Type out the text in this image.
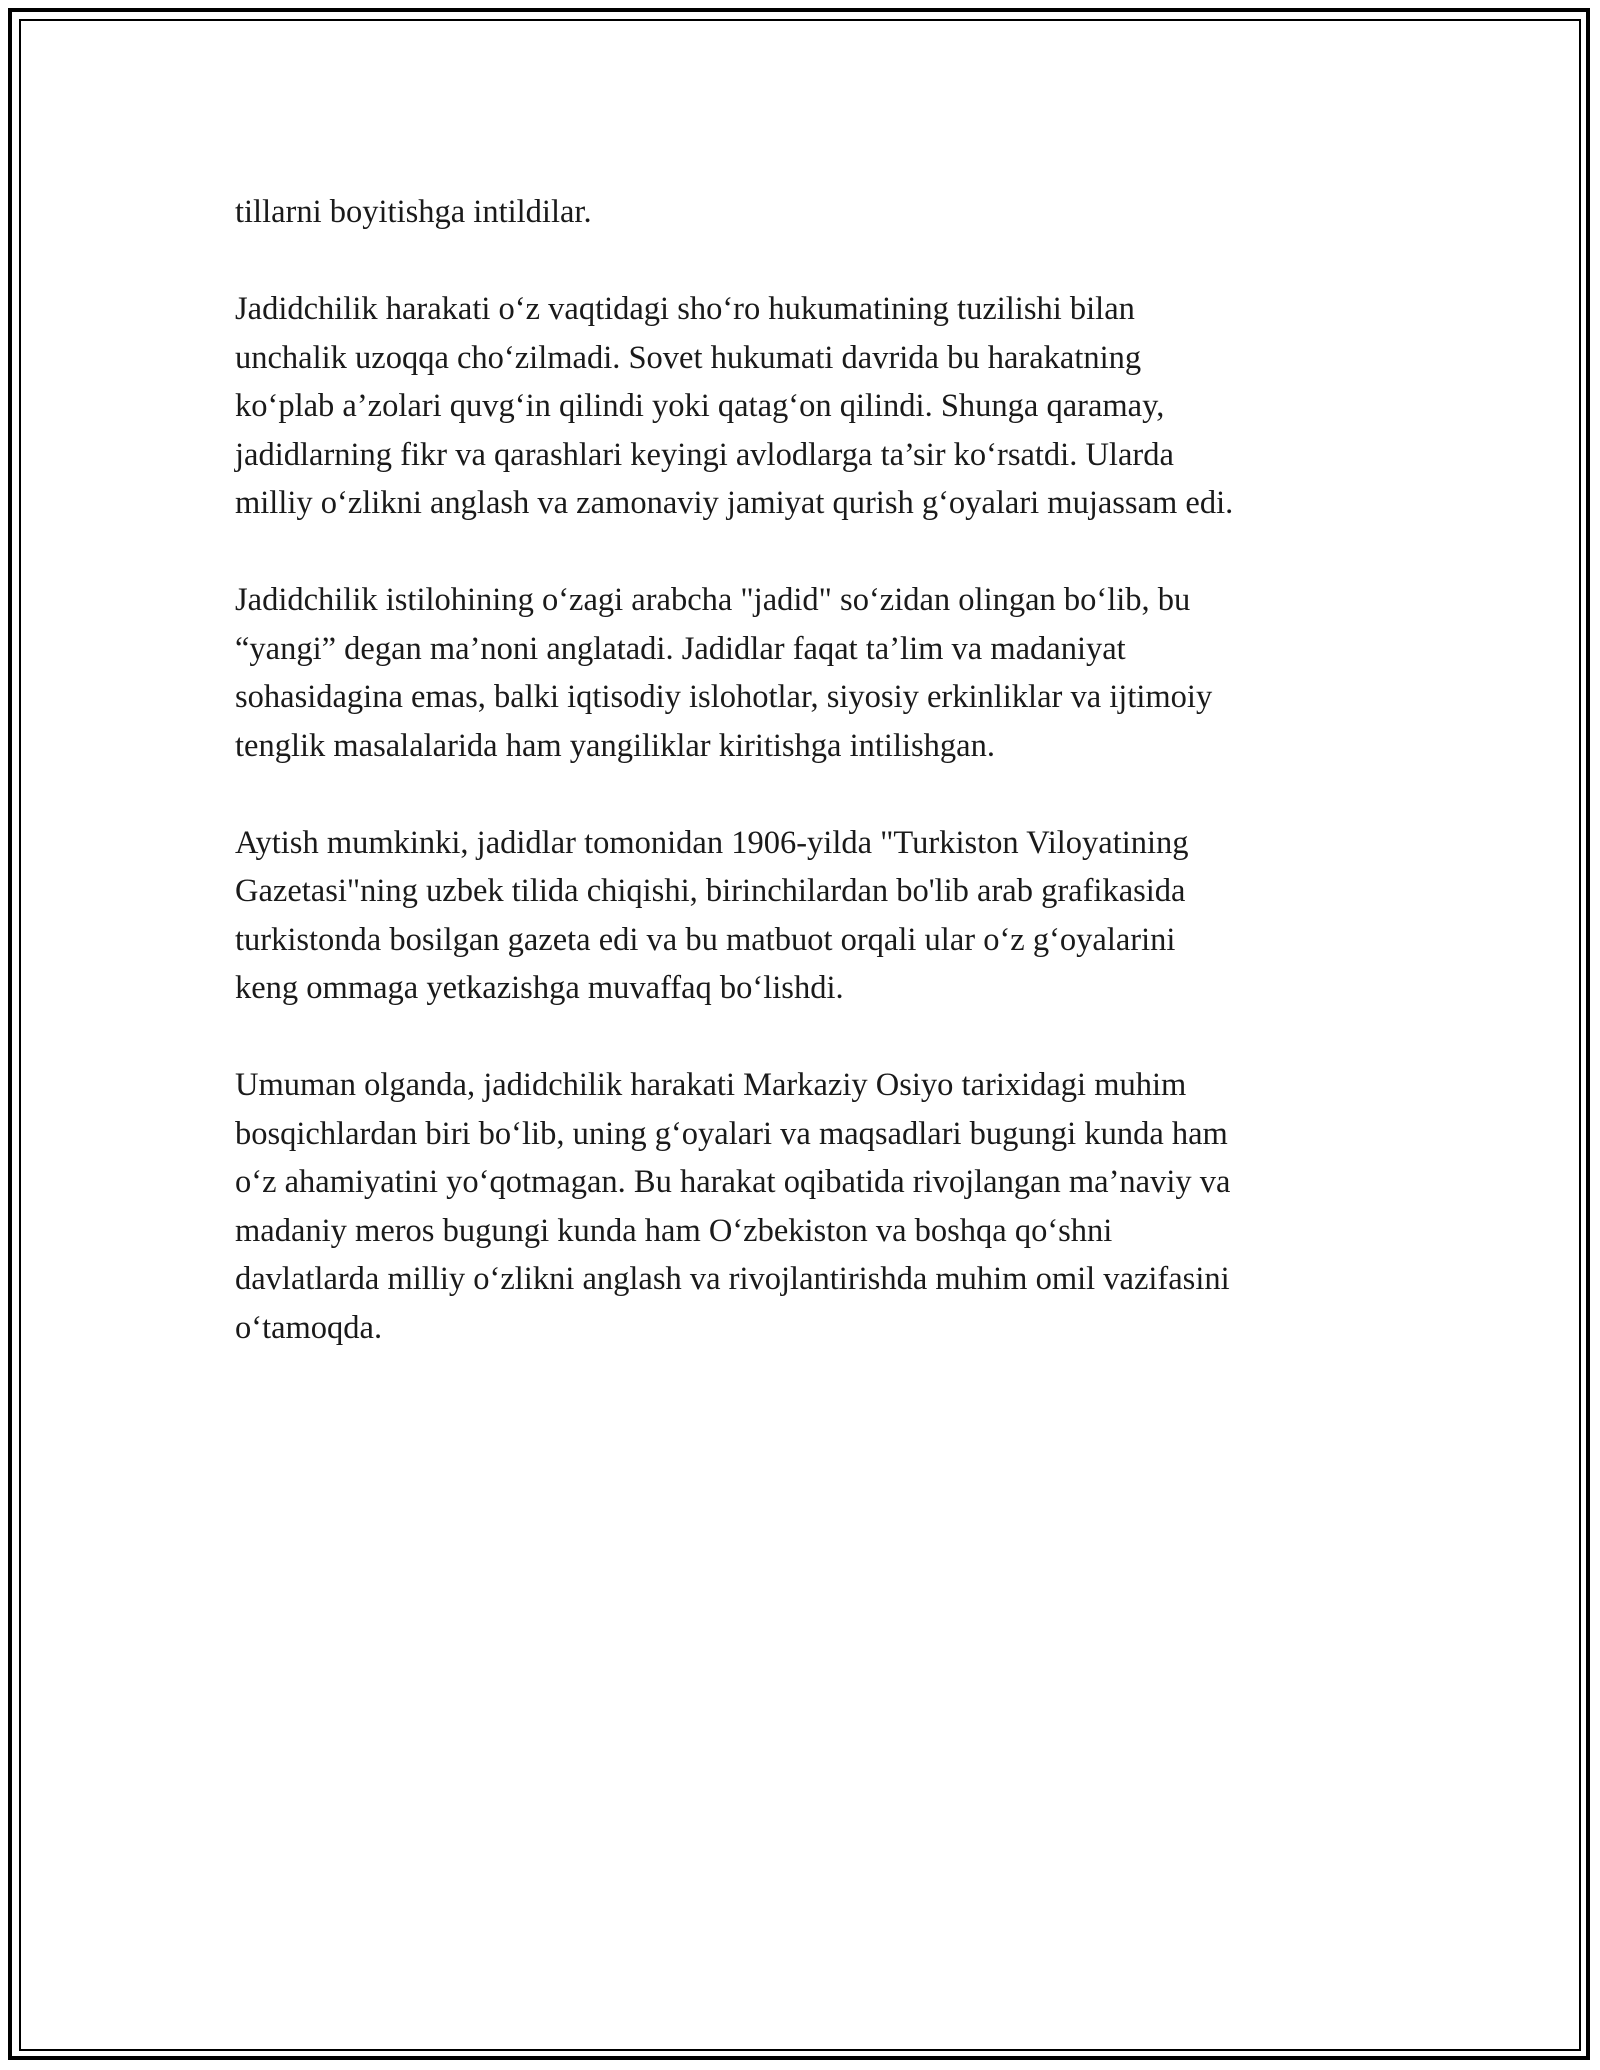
tillarni boyitishga intildilar.

Jadidchilik harakati o‘z vaqtidagi sho‘ro hukumatining tuzilishi bilan
unchalik uzoqqa cho‘zilmadi. Sovet hukumati davrida bu harakatning
ko‘plab a’zolari quvg‘in qilindi yoki qatag‘on qilindi. Shunga qaramay,
jadidlarning fikr va qarashlari keyingi avlodlarga ta’sir ko‘rsatdi. Ularda
milliy o‘zlikni anglash va zamonaviy jamiyat qurish g‘oyalari mujassam edi.

Jadidchilik istilohining o‘zagi arabcha "jadid" so‘zidan olingan bo‘lib, bu
“yangi” degan ma’noni anglatadi. Jadidlar faqat ta’lim va madaniyat
sohasidagina emas, balki iqtisodiy islohotlar, siyosiy erkinliklar va ijtimoiy
tenglik masalalarida ham yangiliklar kiritishga intilishgan.

Aytish mumkinki, jadidlar tomonidan 1906-yilda "Turkiston Viloyatining
Gazetasi"ning uzbek tilida chiqishi, birinchilardan bo'lib arab grafikasida
turkistonda bosilgan gazeta edi va bu matbuot orqali ular o‘z g‘oyalarini
keng ommaga yetkazishga muvaffaq bo‘lishdi.

Umuman olganda, jadidchilik harakati Markaziy Osiyo tarixidagi muhim
bosqichlardan biri bo‘lib, uning g‘oyalari va maqsadlari bugungi kunda ham
o‘z ahamiyatini yo‘qotmagan. Bu harakat oqibatida rivojlangan ma’naviy va
madaniy meros bugungi kunda ham O‘zbekiston va boshqa qo‘shni
davlatlarda milliy o‘zlikni anglash va rivojlantirishda muhim omil vazifasini
o‘tamoqda.
